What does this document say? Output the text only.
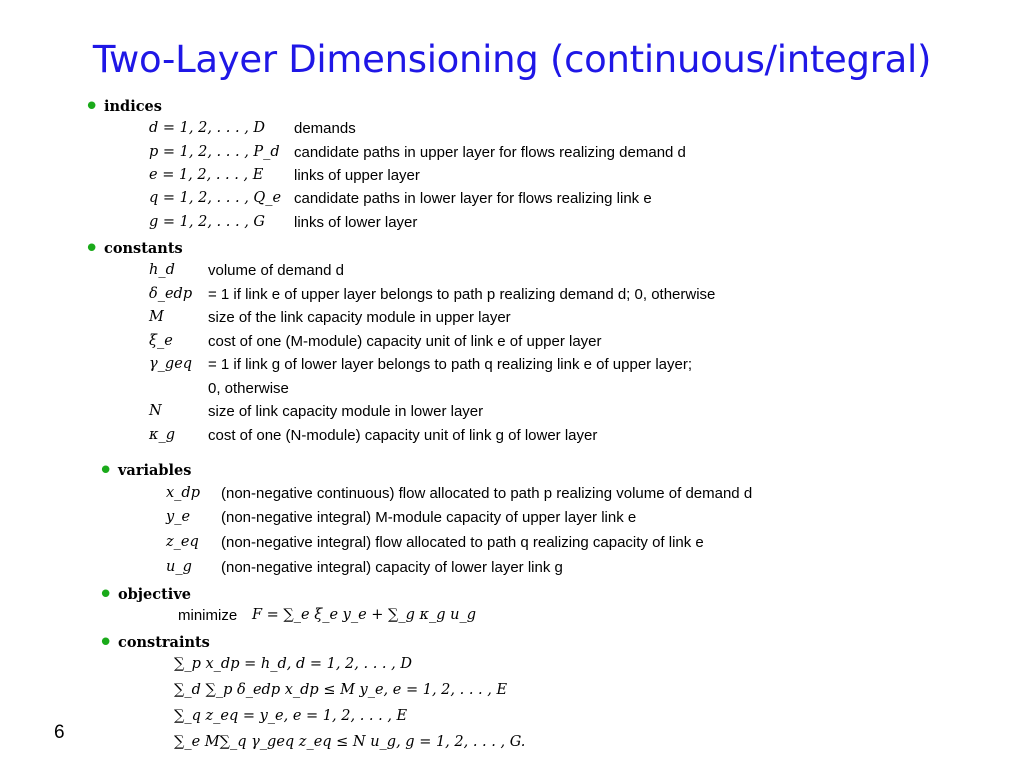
Two-Layer Dimensioning (continuous/integral)
• indices
d = 1, 2, . . . , D demands
p = 1, 2, . . . , P_d candidate paths in upper layer for flows realizing demand d
e = 1, 2, . . . , E links of upper layer
q = 1, 2, . . . , Q_e candidate paths in lower layer for flows realizing link e
g = 1, 2, . . . , G links of lower layer
• constants
h_d volume of demand d
δ_edp = 1 if link e of upper layer belongs to path p realizing demand d; 0, otherwise
M	size of the link capacity module in upper layer
ξ_e cost of one (M-module) capacity unit of link e of upper layer
γ_geq = 1 if link g of lower layer belongs to path q realizing link e of upper layer;
0, otherwise
N	size of link capacity module in lower layer
κ_g cost of one (N-module) capacity unit of link g of lower layer
• variables
x_dp (non-negative continuous) flow allocated to path p realizing volume of demand d
y_e (non-negative integral) M-module capacity of upper layer link e
z_eq (non-negative integral) flow allocated to path q realizing capacity of link e
u_g (non-negative integral) capacity of lower layer link g
• objective
minimize F = ∑_e ξ_e y_e + ∑_g κ_g u_g
• constraints
∑_p x_dp = h_d, d = 1, 2, . . . , D
∑_d ∑_p δ_edp x_dp ≤ M y_e, e = 1, 2, . . . , E
∑_q z_eq = y_e, e = 1, 2, . . . , E
∑_e M∑_q γ_geq z_eq ≤ N u_g, g = 1, 2, . . . , G.
6
